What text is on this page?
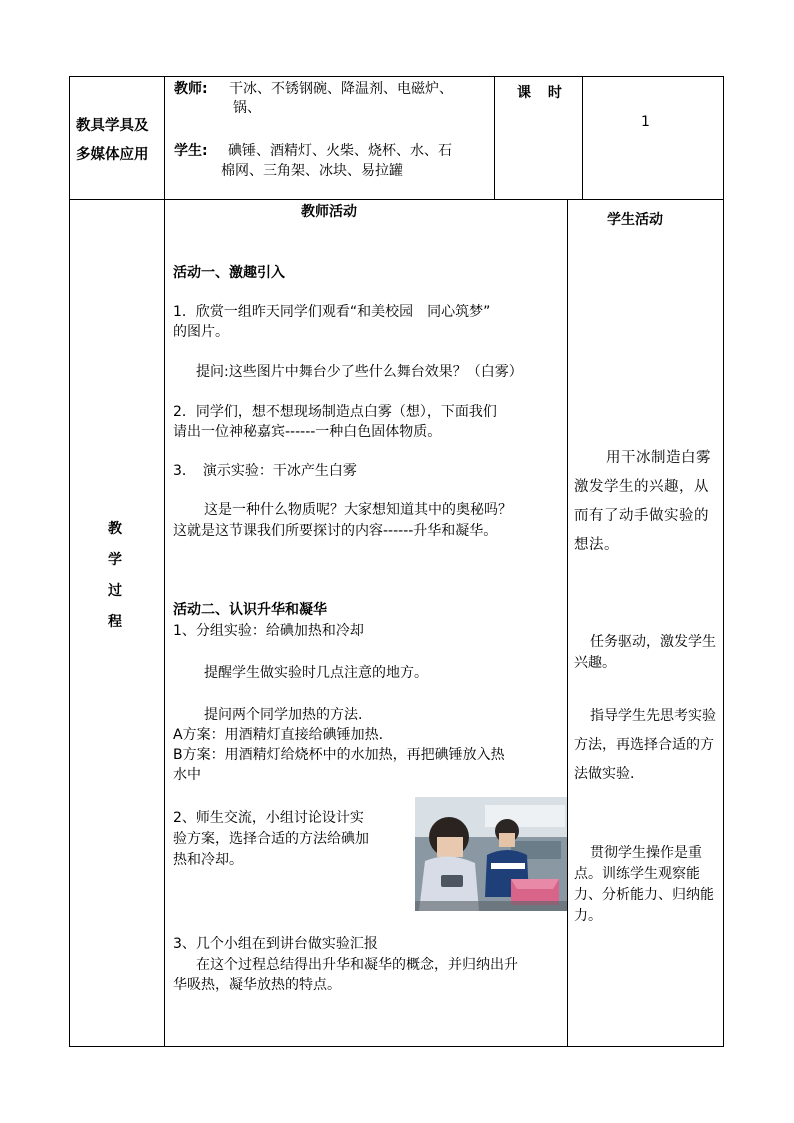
教具学具及
多媒体应用
教师: 干冰、不锈钢碗、降温剂、电磁炉、
锅、
学生: 碘锤、酒精灯、火柴、烧杯、水、石
棉网、三角架、冰块、易拉罐
课 时
1
教
学
过
程
教师活动	学生活动
活动一、激趣引入
1．欣赏一组昨天同学们观看“和美校园　同心筑梦”
的图片。
提问:这些图片中舞台少了些什么舞台效果？（白雾）
2．同学们，想不想现场制造点白雾（想），下面我们
请出一位神秘嘉宾------一种白色固体物质。
3．　演示实验：干冰产生白雾
这是一种什么物质呢？大家想知道其中的奥秘吗？
这就是这节课我们所要探讨的内容------升华和凝华。
活动二、认识升华和凝华
1、分组实验：给碘加热和冷却
提醒学生做实验时几点注意的地方。
提问两个同学加热的方法.
A方案：用酒精灯直接给碘锤加热.
B方案：用酒精灯给烧杯中的水加热，再把碘锤放入热
水中
2、师生交流，小组讨论设计实
验方案，选择合适的方法给碘加
热和冷却。
3、几个小组在到讲台做实验汇报
在这个过程总结得出升华和凝华的概念，并归纳出升
华吸热，凝华放热的特点。
用干冰制造白雾激发学生的兴趣，从而有了动手做实验的想法。
任务驱动，激发学生兴趣。
指导学生先思考实验方法，再选择合适的方法做实验.
贯彻学生操作是重点。训练学生观察能力、分析能力、归纳能力。
